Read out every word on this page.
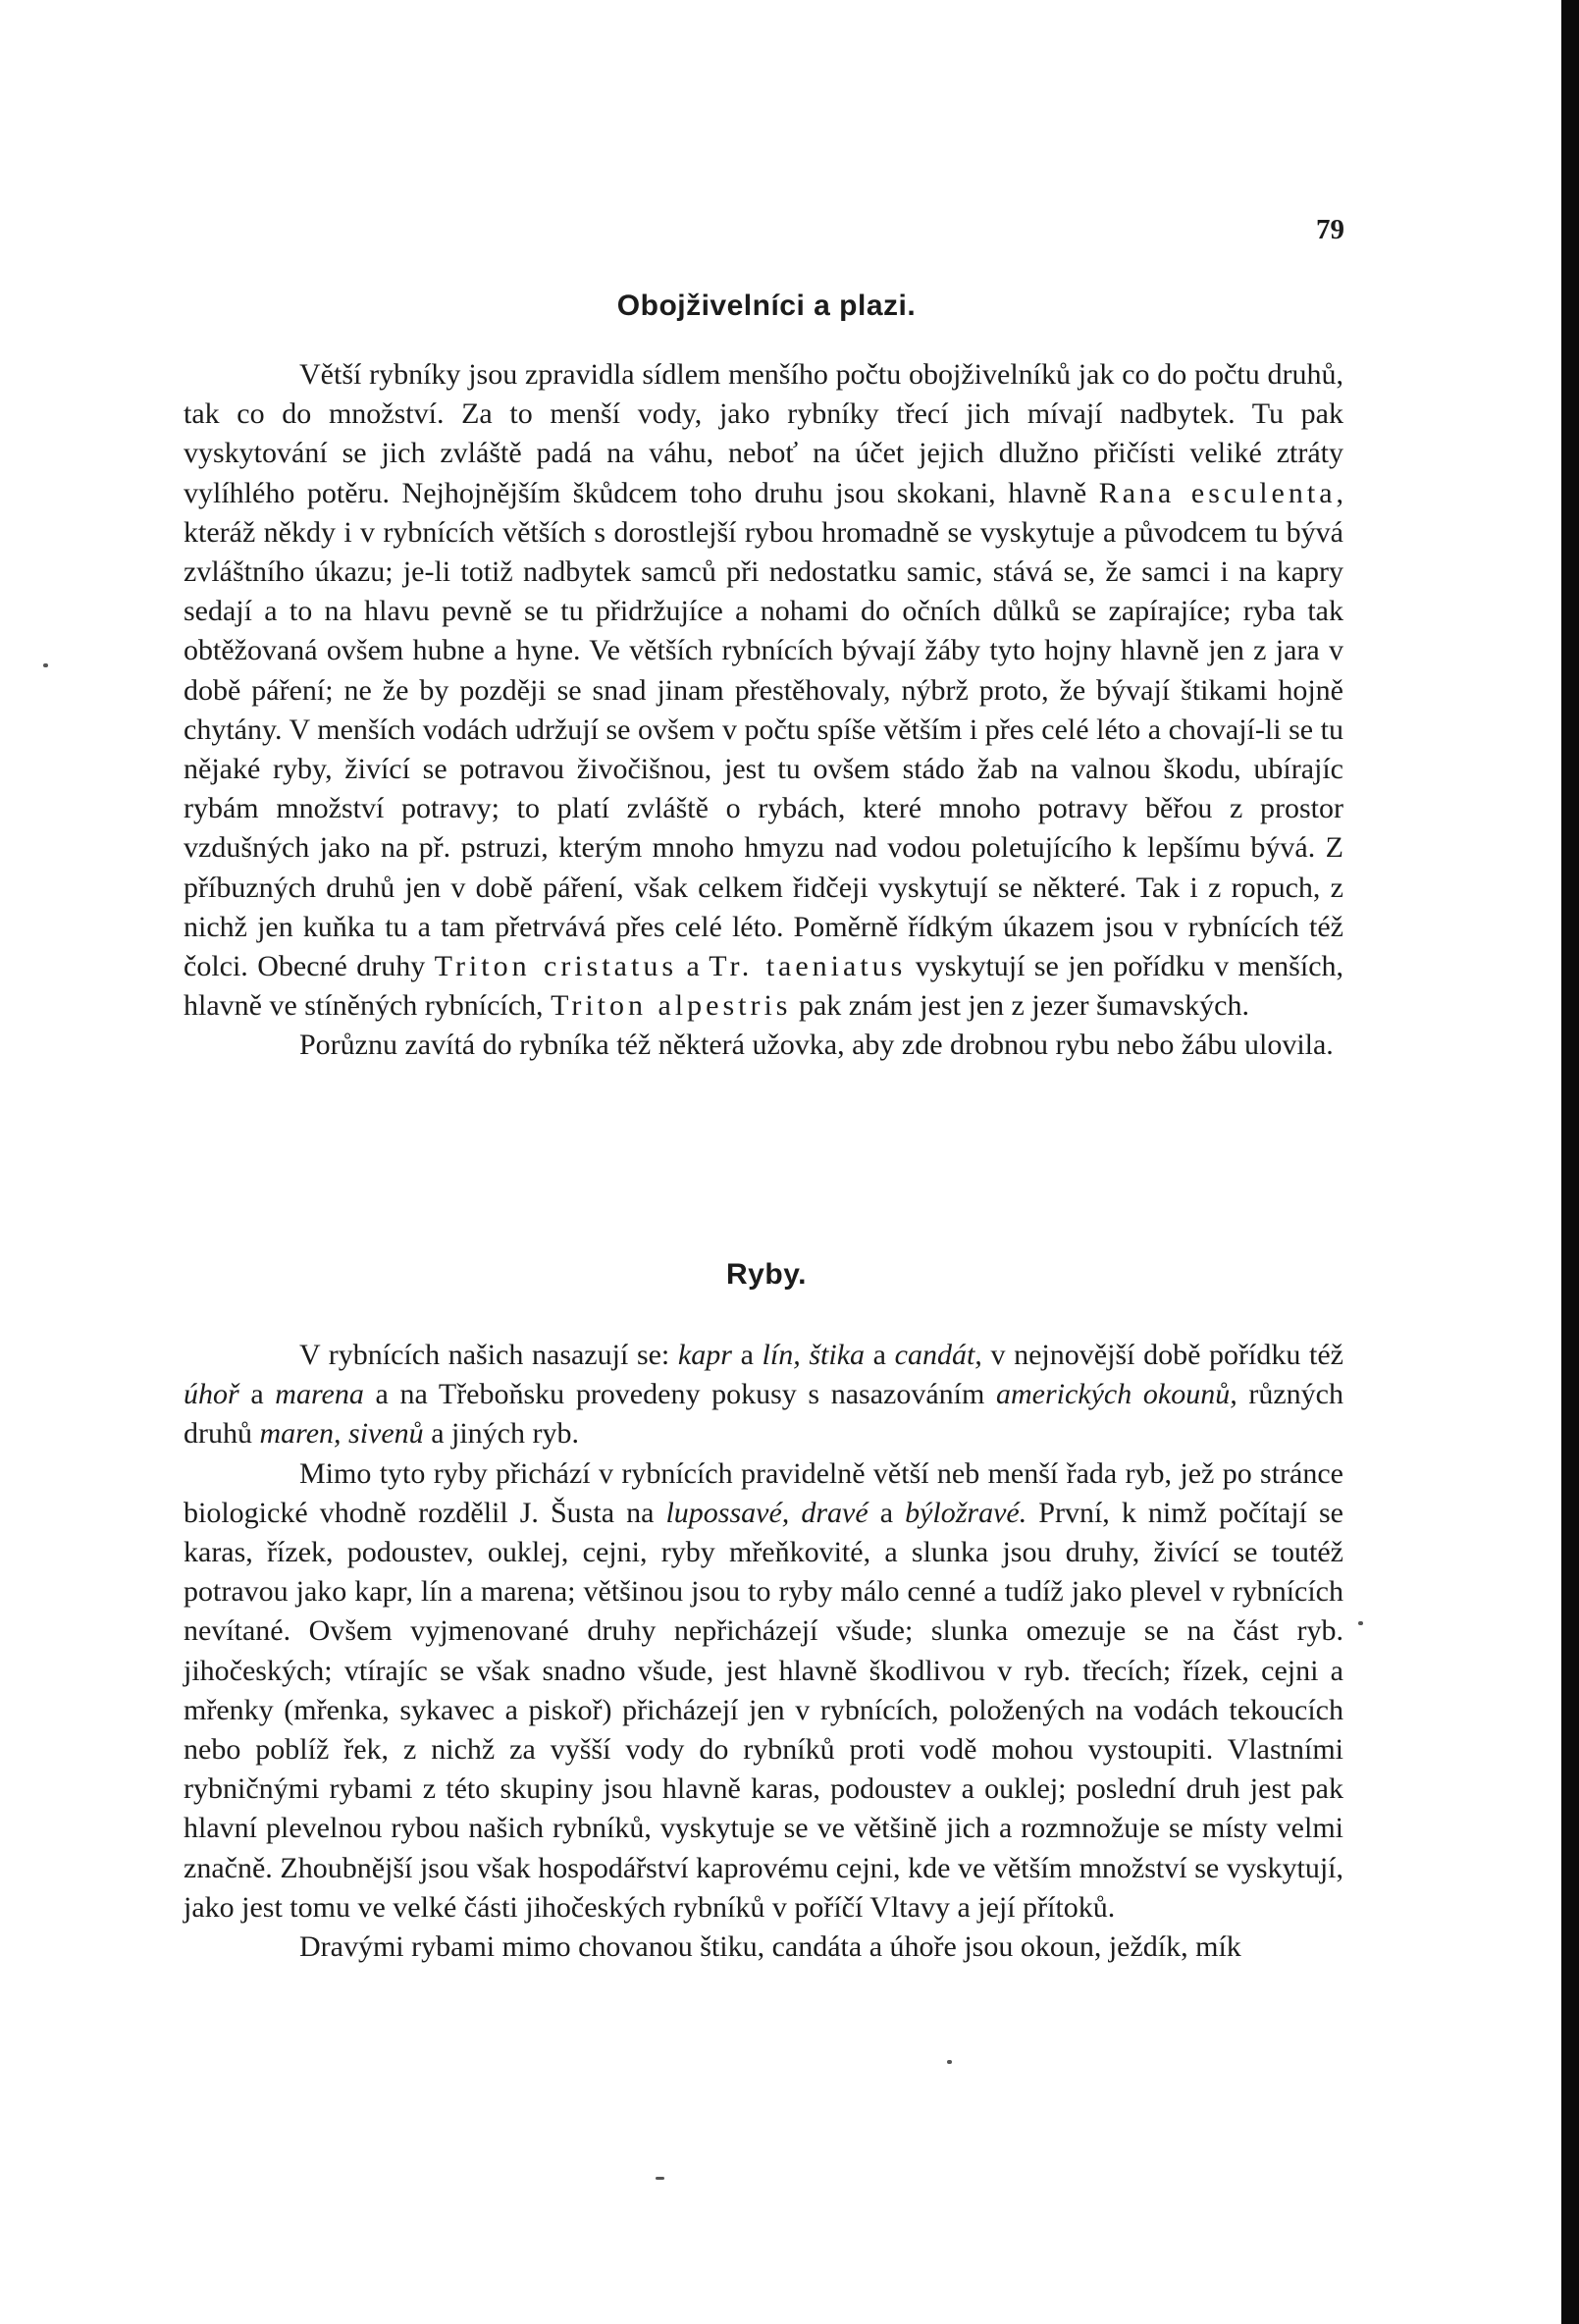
79
Obojživelníci a plazi.

Větší rybníky jsou zpravidla sídlem menšího počtu obojživelníků jak co do počtu druhů, tak co do množství. Za to menší vody, jako rybníky třecí jich mívají nadbytek. Tu pak vyskytování se jich zvláště padá na váhu, neboť na účet jejich dlužno přičísti veliké ztráty vylíhlého potěru. Nejhojnějším škůdcem toho druhu jsou skokani, hlavně Rana esculenta, kteráž někdy i v rybnících větších s dorostlejší rybou hromadně se vyskytuje a původcem tu bývá zvláštního úkazu; je-li totiž nadbytek samců při nedostatku samic, stává se, že samci i na kapry sedají a to na hlavu pevně se tu přidržujíce a nohami do očních důlků se zapírajíce; ryba tak obtěžovaná ovšem hubne a hyne. Ve větších rybnících bývají žáby tyto hojny hlavně jen z jara v době páření; ne že by později se snad jinam přestěhovaly, nýbrž proto, že bývají štikami hojně chytány. V menších vodách udržují se ovšem v počtu spíše větším i přes celé léto a chovají-li se tu nějaké ryby, živící se potravou živočišnou, jest tu ovšem stádo žab na valnou škodu, ubírajíc rybám množství potravy; to platí zvláště o rybách, které mnoho potravy běřou z prostor vzdušných jako na př. pstruzi, kterým mnoho hmyzu nad vodou poletujícího k lepšímu bývá. Z příbuzných druhů jen v době páření, však celkem řidčeji vyskytují se některé. Tak i z ropuch, z nichž jen kuňka tu a tam přetrvává přes celé léto. Poměrně řídkým úkazem jsou v rybnících též čolci. Obecné druhy Triton cristatus a Tr. taeniatus vyskytují se jen pořídku v menších, hlavně ve stíněných rybnících, Triton alpestris pak znám jest jen z jezer šumavských.

Porůznu zavítá do rybníka též některá užovka, aby zde drobnou rybu nebo žábu ulovila.

Ryby.

V rybnících našich nasazují se: kapr a lín, štika a candát, v nejnovější době pořídku též úhoř a marena a na Třeboňsku provedeny pokusy s nasazováním amerických okounů, různých druhů maren, sivenů a jiných ryb.

Mimo tyto ryby přichází v rybnících pravidelně větší neb menší řada ryb, jež po stránce biologické vhodně rozdělil J. Šusta na lupossavé, dravé a býložravé. První, k nimž počítají se karas, řízek, podoustev, ouklej, cejni, ryby mřeňkovité, a slunka jsou druhy, živící se toutéž potravou jako kapr, lín a marena; většinou jsou to ryby málo cenné a tudíž jako plevel v rybnících nevítané. Ovšem vyjmenované druhy nepřicházejí všude; slunka omezuje se na část ryb. jihočeských; vtírajíc se však snadno všude, jest hlavně škodlivou v ryb. třecích; řízek, cejni a mřenky (mřenka, sykavec a piskoř) přicházejí jen v rybnících, položených na vodách tekoucích nebo poblíž řek, z nichž za vyšší vody do rybníků proti vodě mohou vystoupiti. Vlastními rybničnými rybami z této skupiny jsou hlavně karas, podoustev a ouklej; poslední druh jest pak hlavní plevelnou rybou našich rybníků, vyskytuje se ve většině jich a rozmnožuje se místy velmi značně. Zhoubnější jsou však hospodářství kaprovému cejni, kde ve větším množství se vyskytují, jako jest tomu ve velké části jihočeských rybníků v poříčí Vltavy a její přítoků.

Dravými rybami mimo chovanou štiku, candáta a úhoře jsou okoun, ježdík, mík
